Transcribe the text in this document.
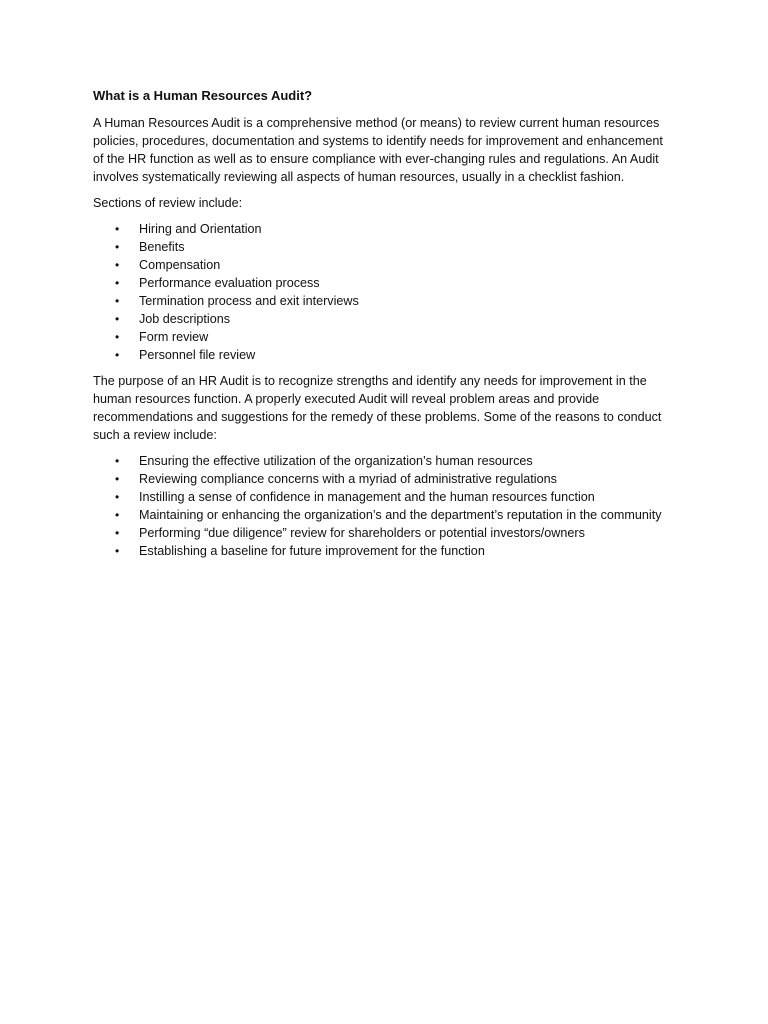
What is a Human Resources Audit?

A Human Resources Audit is a comprehensive method (or means) to review current human resources policies, procedures, documentation and systems to identify needs for improvement and enhancement of the HR function as well as to ensure compliance with ever-changing rules and regulations. An Audit involves systematically reviewing all aspects of human resources, usually in a checklist fashion.

Sections of review include:

• Hiring and Orientation
• Benefits
• Compensation
• Performance evaluation process
• Termination process and exit interviews
• Job descriptions
• Form review
• Personnel file review

The purpose of an HR Audit is to recognize strengths and identify any needs for improvement in the human resources function. A properly executed Audit will reveal problem areas and provide recommendations and suggestions for the remedy of these problems. Some of the reasons to conduct such a review include:

• Ensuring the effective utilization of the organization’s human resources
• Reviewing compliance concerns with a myriad of administrative regulations
• Instilling a sense of confidence in management and the human resources function
• Maintaining or enhancing the organization’s and the department’s reputation in the community
• Performing “due diligence” review for shareholders or potential investors/owners
• Establishing a baseline for future improvement for the function
